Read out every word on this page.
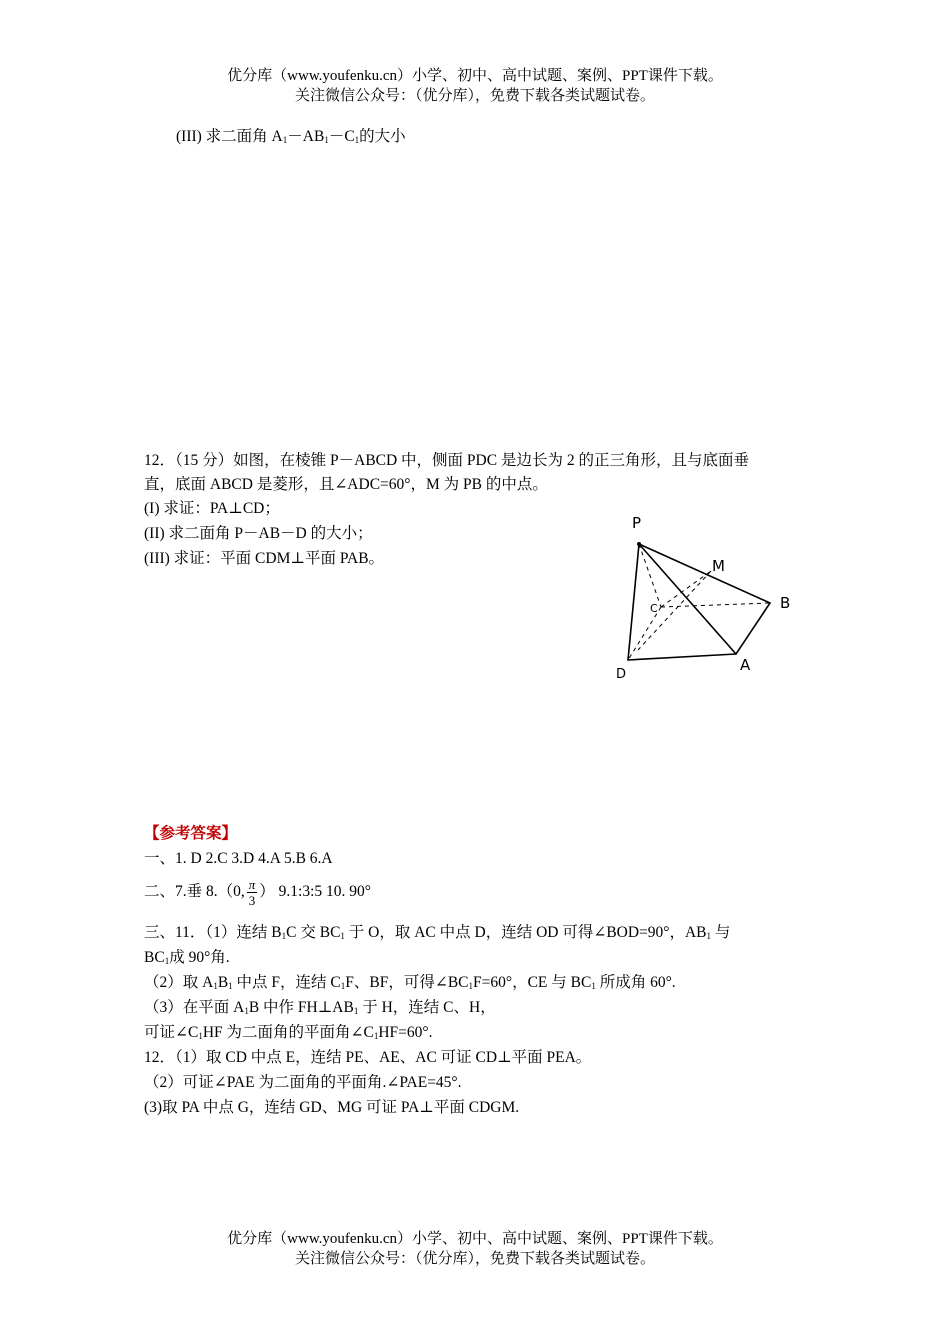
优分库（www.youfenku.cn）小学、初中、高中试题、案例、PPT课件下载。
关注微信公众号：（优分库），免费下载各类试题试卷。
(III) 求二面角 $A_1-AB_1-C_1$的大小
12．（15 分）如图，在棱锥 P－ABCD 中，侧面 PDC 是边长为 2 的正三角形，且与底面垂
直，底面 ABCD 是菱形，且∠ADC=60°，M 为 PB 的中点。
(I) 求证：PA⊥CD；
(II) 求二面角 P－AB－D 的大小；
(III) 求证：平面 CDM⊥平面 PAB。
P
M
B
C
D
A
【参考答案】
一、1. D 2.C 3.D 4.A 5.B 6.A
二、7.垂 8.（0, $\frac{\pi}{3}$ ） 9.1:3:5 10. 90°
三、11．（1）连结 $B_1C$ 交 $BC_1$ 于 O，取 AC 中点 D，连结 OD 可得∠BOD=90°，$AB_1$ 与
$BC_1$成 90°角.
（2）取 $A_1B_1$ 中点 F，连结 $C_1F$、BF，可得$\angle BC_1F=60^\circ$，CE 与 $BC_1$ 所成角 60°.
（3）在平面 $A_1B$ 中作 $FH\perp AB_1$ 于 H，连结 C、H，
可证$\angle C_1HF$ 为二面角的平面角$\angle C_1HF=60^\circ$.
12．（1）取 CD 中点 E，连结 PE、AE、AC 可证 CD⊥平面 PEA。
（2）可证∠PAE 为二面角的平面角.∠PAE=45°.
(3)取 PA 中点 G，连结 GD、MG 可证 PA⊥平面 CDGM.
优分库（www.youfenku.cn）小学、初中、高中试题、案例、PPT课件下载。
关注微信公众号：（优分库），免费下载各类试题试卷。
